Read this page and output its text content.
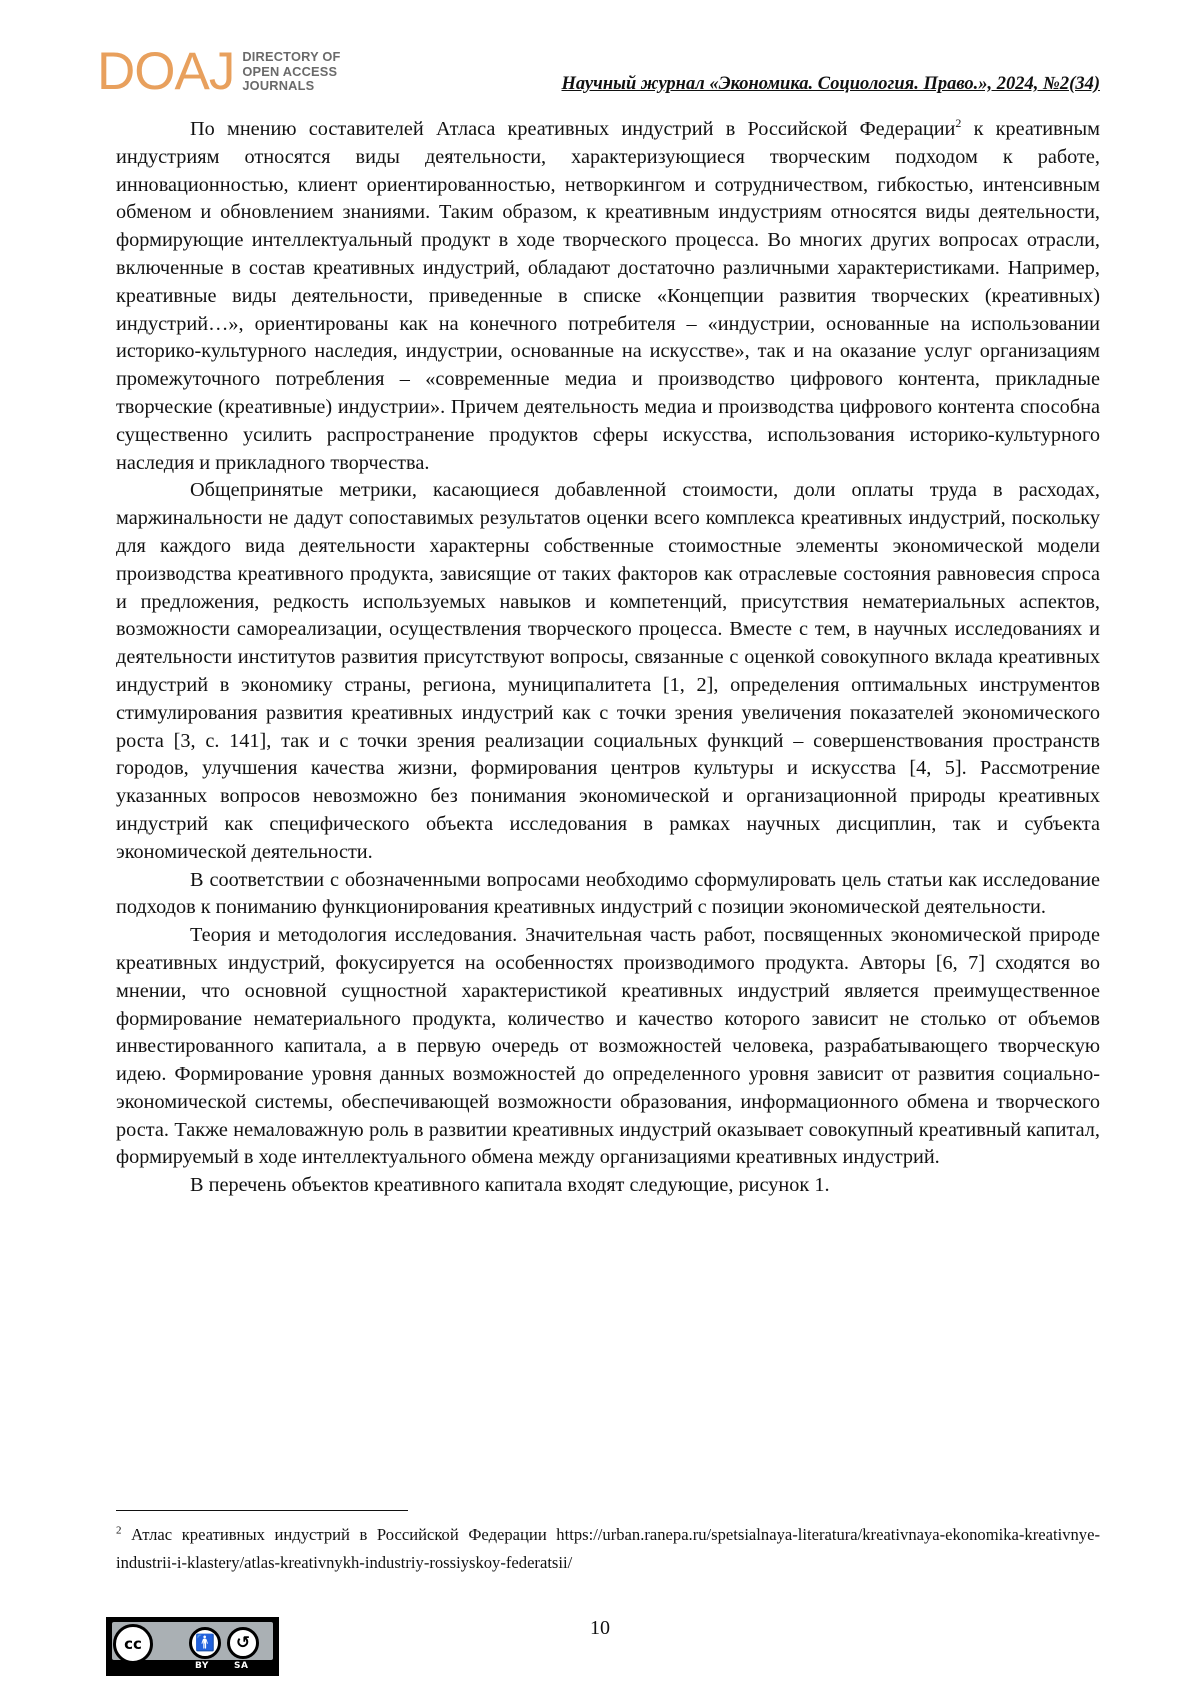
DOAJ DIRECTORY OF
OPEN ACCESS
JOURNALS	Научный журнал «Экономика. Социология. Право.», 2024, №2(34)

По мнению составителей Атласа креативных индустрий в Российской Федерации2 к креативным индустриям относятся виды деятельности, характеризующиеся творческим подходом к работе, инновационностью, клиент ориентированностью, нетворкингом и сотрудничеством, гибкостью, интенсивным обменом и обновлением знаниями. Таким образом, к креативным индустриям относятся виды деятельности, формирующие интеллектуальный продукт в ходе творческого процесса. Во многих других вопросах отрасли, включенные в состав креативных индустрий, обладают достаточно различными характеристиками. Например, креативные виды деятельности, приведенные в списке «Концепции развития творческих (креативных) индустрий…», ориентированы как на конечного потребителя – «индустрии, основанные на использовании историко-культурного наследия, индустрии, основанные на искусстве», так и на оказание услуг организациям промежуточного потребления – «современные медиа и производство цифрового контента, прикладные творческие (креативные) индустрии». Причем деятельность медиа и производства цифрового контента способна существенно усилить распространение продуктов сферы искусства, использования историко-культурного наследия и прикладного творчества.

Общепринятые метрики, касающиеся добавленной стоимости, доли оплаты труда в расходах, маржинальности не дадут сопоставимых результатов оценки всего комплекса креативных индустрий, поскольку для каждого вида деятельности характерны собственные стоимостные элементы экономической модели производства креативного продукта, зависящие от таких факторов как отраслевые состояния равновесия спроса и предложения, редкость используемых навыков и компетенций, присутствия нематериальных аспектов, возможности самореализации, осуществления творческого процесса. Вместе с тем, в научных исследованиях и деятельности институтов развития присутствуют вопросы, связанные с оценкой совокупного вклада креативных индустрий в экономику страны, региона, муниципалитета [1, 2], определения оптимальных инструментов стимулирования развития креативных индустрий как с точки зрения увеличения показателей экономического роста [3, с. 141], так и с точки зрения реализации социальных функций – совершенствования пространств городов, улучшения качества жизни, формирования центров культуры и искусства [4, 5]. Рассмотрение указанных вопросов невозможно без понимания экономической и организационной природы креативных индустрий как специфического объекта исследования в рамках научных дисциплин, так и субъекта экономической деятельности.

В соответствии с обозначенными вопросами необходимо сформулировать цель статьи как исследование подходов к пониманию функционирования креативных индустрий с позиции экономической деятельности.

Теория и методология исследования. Значительная часть работ, посвященных экономической природе креативных индустрий, фокусируется на особенностях производимого продукта. Авторы [6, 7] сходятся во мнении, что основной сущностной характеристикой креативных индустрий является преимущественное формирование нематериального продукта, количество и качество которого зависит не столько от объемов инвестированного капитала, а в первую очередь от возможностей человека, разрабатывающего творческую идею. Формирование уровня данных возможностей до определенного уровня зависит от развития социально-экономической системы, обеспечивающей возможности образования, информационного обмена и творческого роста. Также немаловажную роль в развитии креативных индустрий оказывает совокупный креативный капитал, формируемый в ходе интеллектуального обмена между организациями креативных индустрий.

В перечень объектов креативного капитала входят следующие, рисунок 1.

2 Атлас креативных индустрий в Российской Федерации https://urban.ranepa.ru/spetsialnaya-literatura/kreativnaya-ekonomika-kreativnye-industrii-i-klastery/atlas-kreativnykh-industriy-rossiyskoy-federatsii/
cc	🚹	↺
BY	SA
10
